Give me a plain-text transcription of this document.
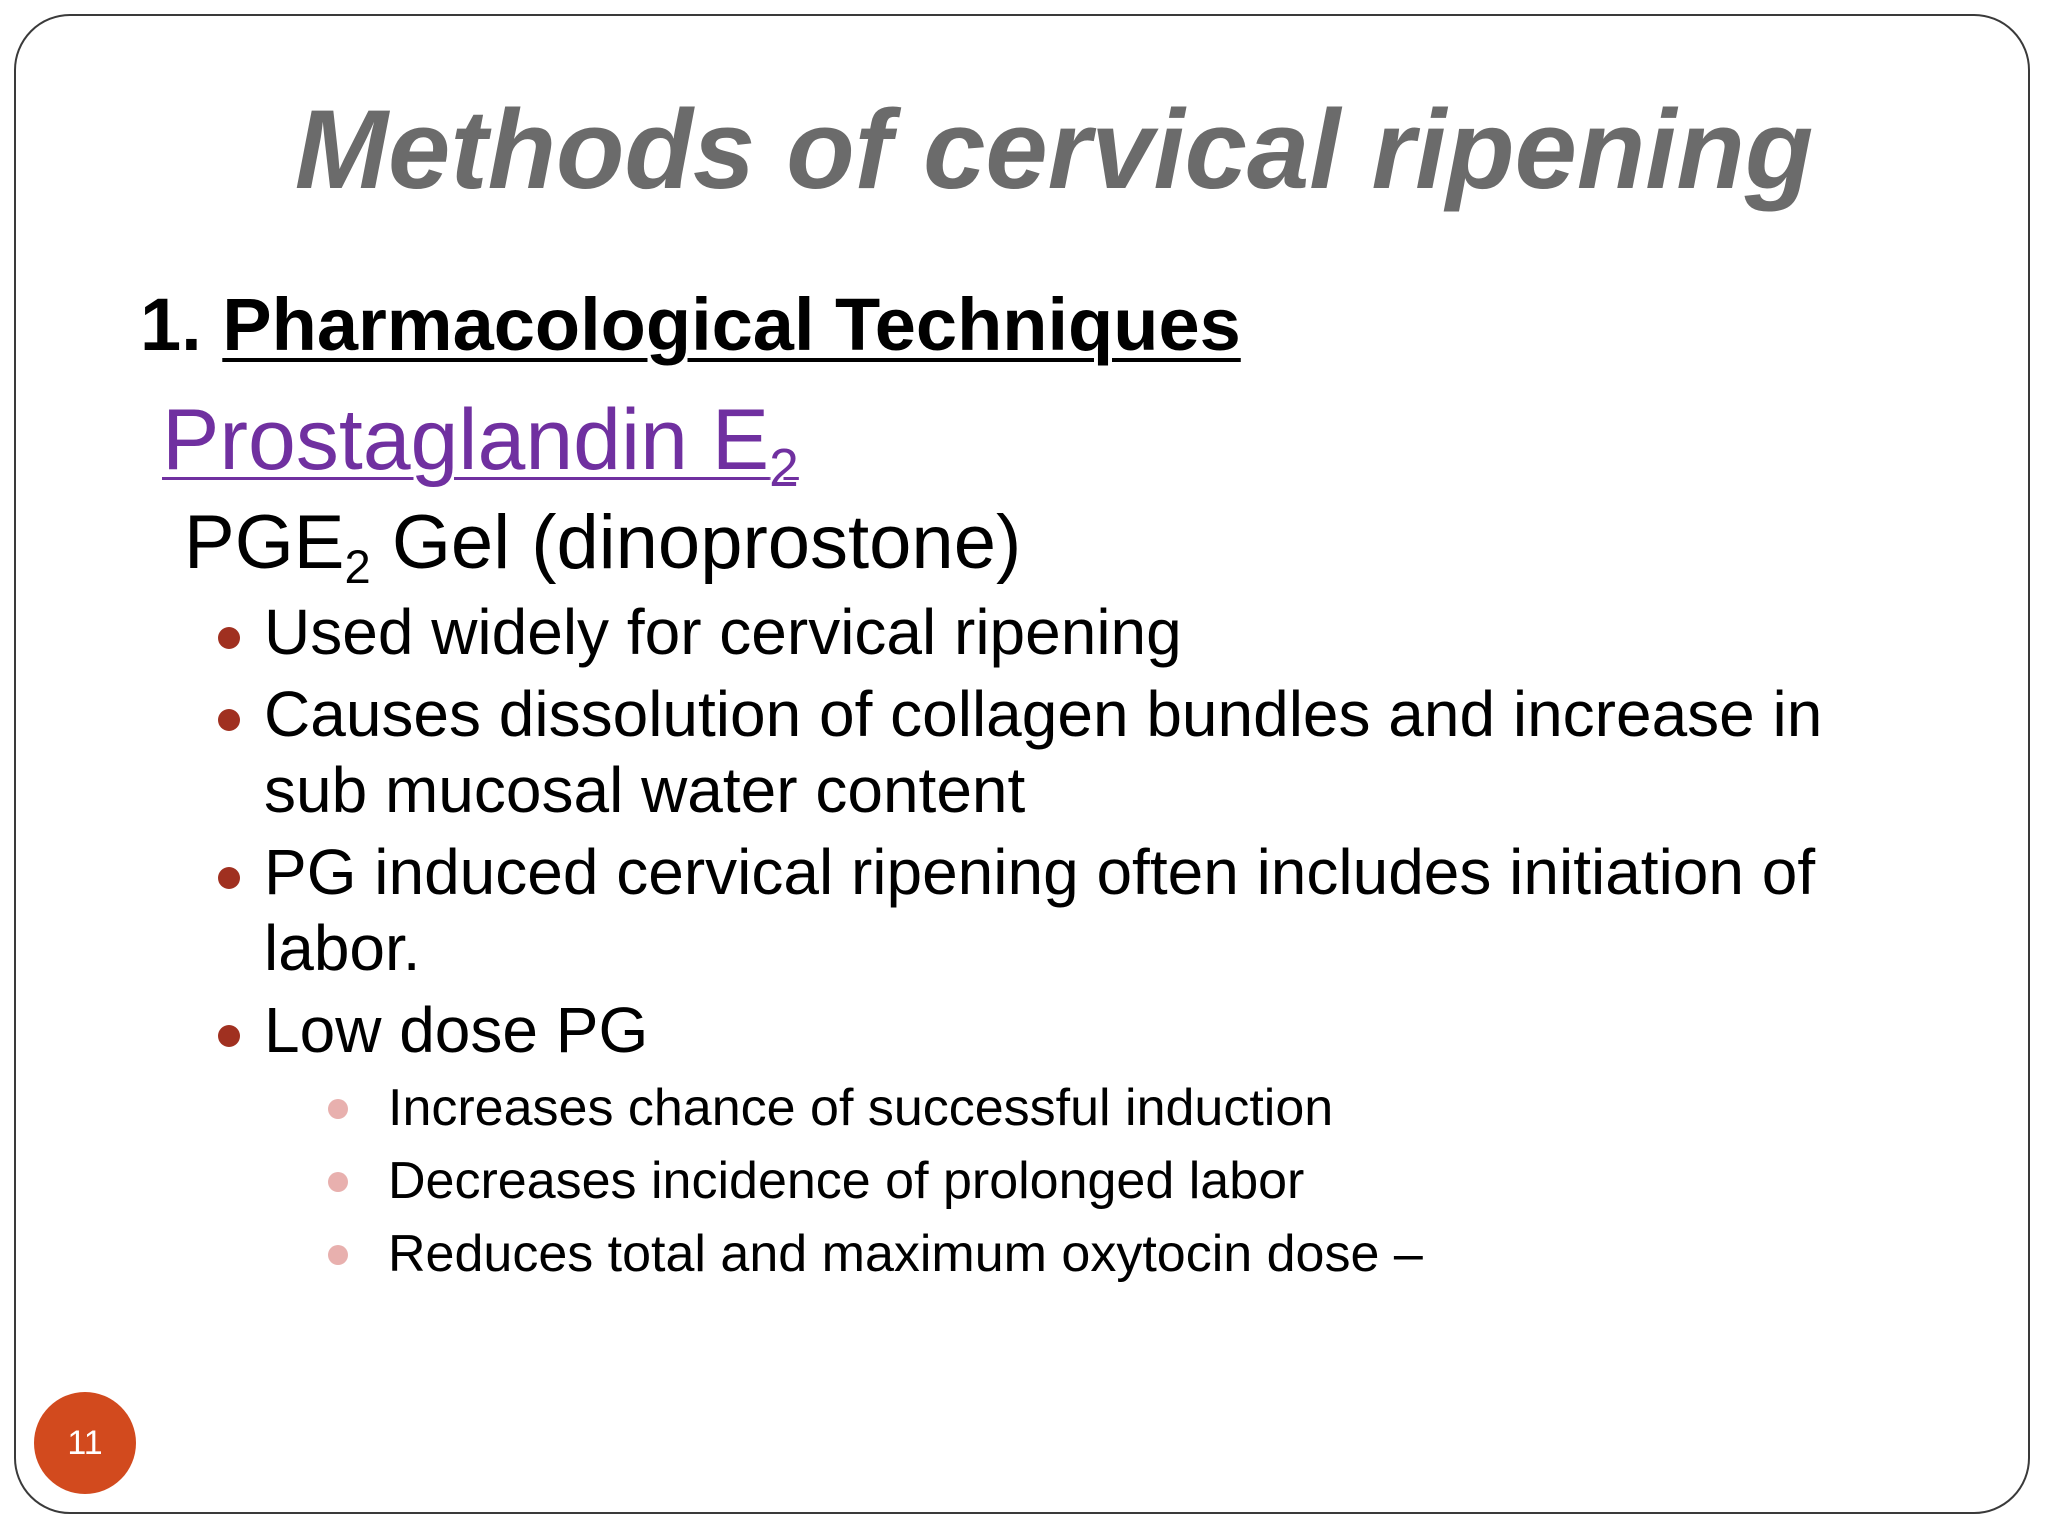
Methods of cervical ripening
1. Pharmacological Techniques
Prostaglandin $E_2$
$PGE_2$ Gel (dinoprostone)
Used widely for cervical ripening
Causes dissolution of collagen bundles and increase in sub mucosal water content
PG induced cervical ripening often includes initiation of labor.
Low dose PG
Increases chance of successful induction
Decreases incidence of prolonged labor
Reduces total and maximum oxytocin dose –
11
